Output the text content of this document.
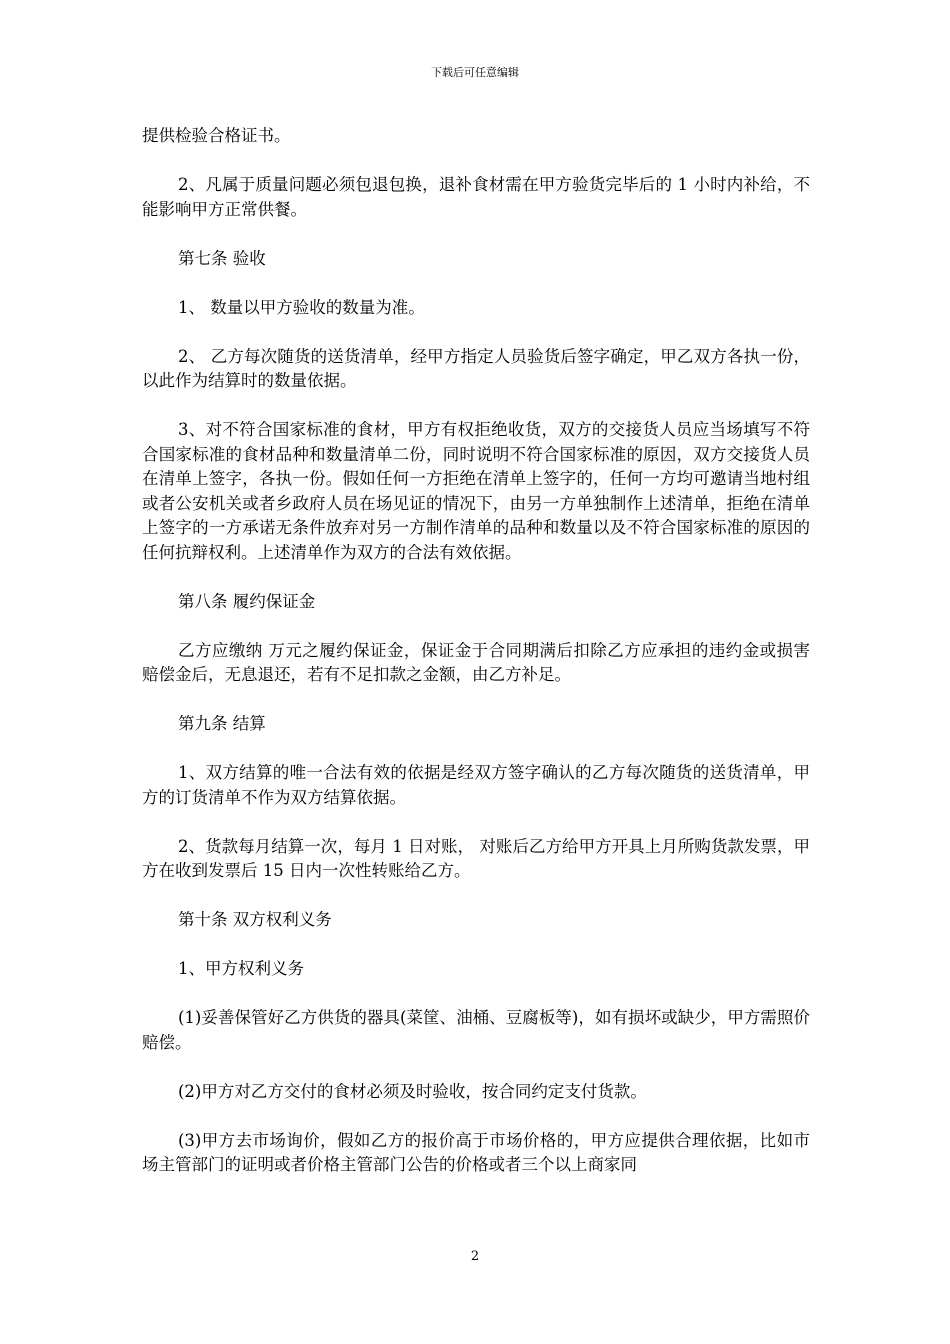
下载后可任意编辑

提供检验合格证书。

2、凡属于质量问题必须包退包换，退补食材需在甲方验货完毕后的 1 小时内补给，不能影响甲方正常供餐。

第七条 验收

1、 数量以甲方验收的数量为准。

2、 乙方每次随货的送货清单，经甲方指定人员验货后签字确定，甲乙双方各执一份，以此作为结算时的数量依据。

3、对不符合国家标准的食材，甲方有权拒绝收货，双方的交接货人员应当场填写不符合国家标准的食材品种和数量清单二份，同时说明不符合国家标准的原因，双方交接货人员在清单上签字，各执一份。假如任何一方拒绝在清单上签字的，任何一方均可邀请当地村组或者公安机关或者乡政府人员在场见证的情况下，由另一方单独制作上述清单，拒绝在清单上签字的一方承诺无条件放弃对另一方制作清单的品种和数量以及不符合国家标准的原因的任何抗辩权利。上述清单作为双方的合法有效依据。

第八条 履约保证金

乙方应缴纳 万元之履约保证金，保证金于合同期满后扣除乙方应承担的违约金或损害赔偿金后，无息退还，若有不足扣款之金额，由乙方补足。

第九条 结算

1、双方结算的唯一合法有效的依据是经双方签字确认的乙方每次随货的送货清单，甲方的订货清单不作为双方结算依据。

2、货款每月结算一次，每月 1 日对账， 对账后乙方给甲方开具上月所购货款发票，甲方在收到发票后 15 日内一次性转账给乙方。

第十条 双方权利义务

1、甲方权利义务

(1)妥善保管好乙方供货的器具(菜筐、油桶、豆腐板等)，如有损坏或缺少，甲方需照价赔偿。

(2)甲方对乙方交付的食材必须及时验收，按合同约定支付货款。

(3)甲方去市场询价，假如乙方的报价高于市场价格的，甲方应提供合理依据，比如市场主管部门的证明或者价格主管部门公告的价格或者三个以上商家同

2
